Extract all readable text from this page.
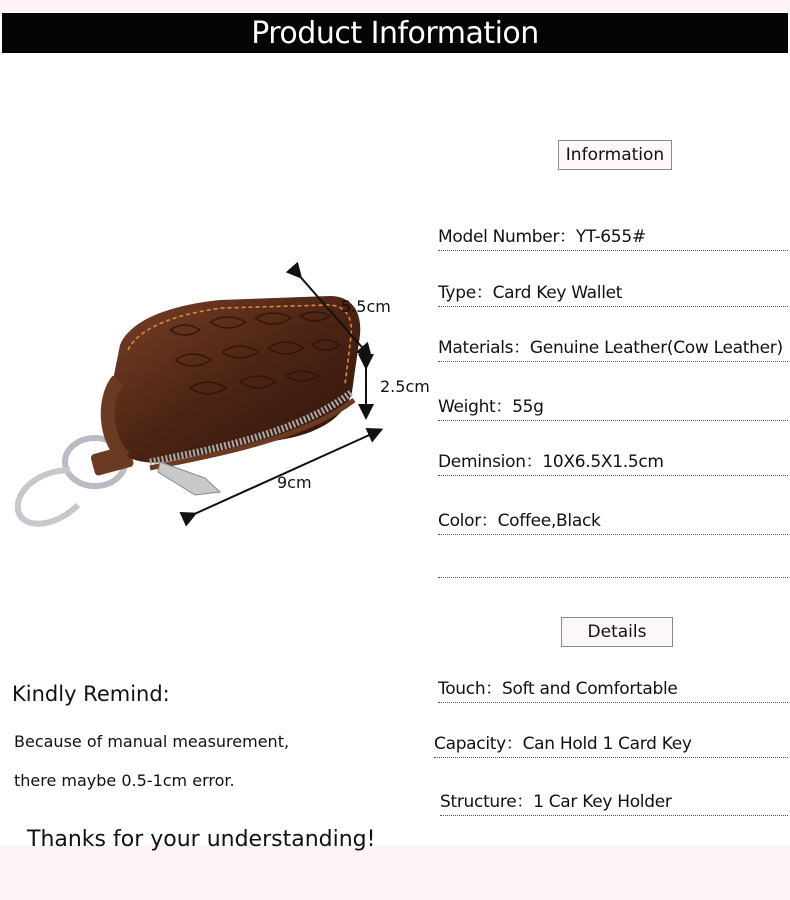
Product Information
5.5cm
2.5cm
9cm
Information
Model Number：YT-655#
Type：Card Key Wallet
Materials：Genuine Leather(Cow Leather)
Weight：55g
Deminsion：10X6.5X1.5cm
Color：Coffee,Black
Details
Touch：Soft and Comfortable
Capacity：Can Hold 1 Card Key
Structure：1 Car Key Holder
Kindly Remind:
Because of manual measurement,
there maybe 0.5-1cm error.
Thanks for your understanding!
